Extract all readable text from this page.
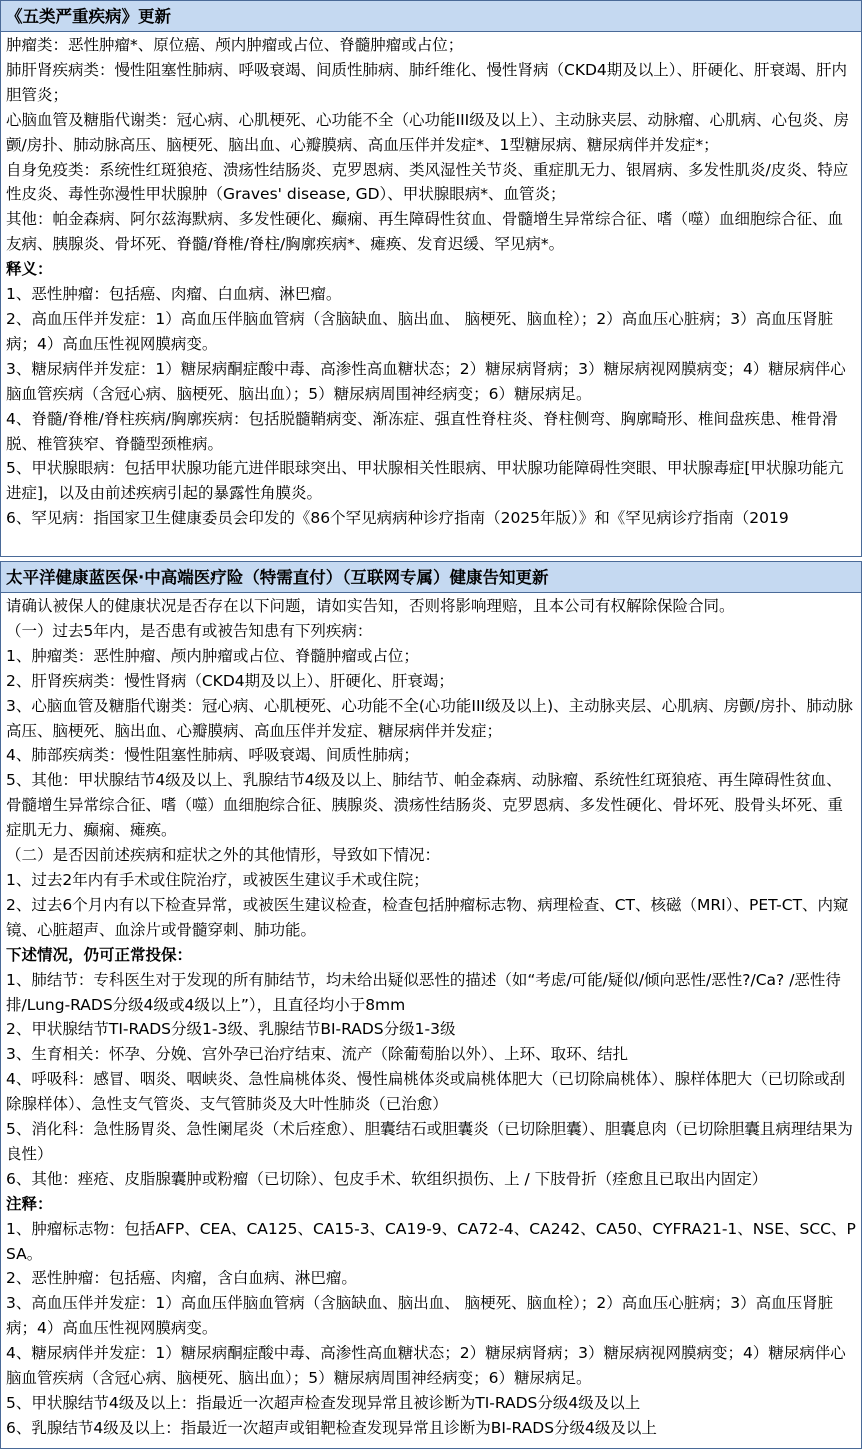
《五类严重疾病》更新

肿瘤类：恶性肿瘤*、原位癌、颅内肿瘤或占位、脊髓肿瘤或占位；

肺肝肾疾病类：慢性阻塞性肺病、呼吸衰竭、间质性肺病、肺纤维化、慢性肾病（CKD4期及以上）、肝硬化、肝衰竭、肝内胆管炎；

心脑血管及糖脂代谢类：冠心病、心肌梗死、心功能不全（心功能III级及以上）、主动脉夹层、动脉瘤、心肌病、心包炎、房颤/房扑、肺动脉高压、脑梗死、脑出血、心瓣膜病、高血压伴并发症*、1型糖尿病、糖尿病伴并发症*；

自身免疫类：系统性红斑狼疮、溃疡性结肠炎、克罗恩病、类风湿性关节炎、重症肌无力、银屑病、多发性肌炎/皮炎、特应性皮炎、毒性弥漫性甲状腺肿（Graves' disease, GD）、甲状腺眼病*、血管炎；

其他：帕金森病、阿尔兹海默病、多发性硬化、癫痫、再生障碍性贫血、骨髓增生异常综合征、嗜（噬）血细胞综合征、血友病、胰腺炎、骨坏死、脊髓/脊椎/脊柱/胸廓疾病*、瘫痪、发育迟缓、罕见病*。

释义：

1、恶性肿瘤：包括癌、肉瘤、白血病、淋巴瘤。

2、高血压伴并发症：1）高血压伴脑血管病（含脑缺血、脑出血、 脑梗死、脑血栓）；2）高血压心脏病；3）高血压肾脏病；4）高血压性视网膜病变。

3、糖尿病伴并发症：1）糖尿病酮症酸中毒、高渗性高血糖状态；2）糖尿病肾病；3）糖尿病视网膜病变；4）糖尿病伴心脑血管疾病（含冠心病、脑梗死、脑出血）；5）糖尿病周围神经病变；6）糖尿病足。

4、脊髓/脊椎/脊柱疾病/胸廓疾病：包括脱髓鞘病变、渐冻症、强直性脊柱炎、脊柱侧弯、胸廓畸形、椎间盘疾患、椎骨滑脱、椎管狭窄、脊髓型颈椎病。

5、甲状腺眼病：包括甲状腺功能亢进伴眼球突出、甲状腺相关性眼病、甲状腺功能障碍性突眼、甲状腺毒症[甲状腺功能亢进症]，以及由前述疾病引起的暴露性角膜炎。

6、罕见病：指国家卫生健康委员会印发的《86个罕见病病种诊疗指南（2025年版）》和《罕见病诊疗指南（2019

太平洋健康蓝医保·中高端医疗险（特需直付）（互联网专属）健康告知更新

请确认被保人的健康状况是否存在以下问题，请如实告知，否则将影响理赔，且本公司有权解除保险合同。

（一）过去5年内，是否患有或被告知患有下列疾病：

1、肿瘤类：恶性肿瘤、颅内肿瘤或占位、脊髓肿瘤或占位；

2、肝肾疾病类：慢性肾病（CKD4期及以上）、肝硬化、肝衰竭；

3、心脑血管及糖脂代谢类：冠心病、心肌梗死、心功能不全(心功能III级及以上)、主动脉夹层、心肌病、房颤/房扑、肺动脉高压、脑梗死、脑出血、心瓣膜病、高血压伴并发症、糖尿病伴并发症；

4、肺部疾病类：慢性阻塞性肺病、呼吸衰竭、间质性肺病；

5、其他：甲状腺结节4级及以上、乳腺结节4级及以上、肺结节、帕金森病、动脉瘤、系统性红斑狼疮、再生障碍性贫血、骨髓增生异常综合征、嗜（噬）血细胞综合征、胰腺炎、溃疡性结肠炎、克罗恩病、多发性硬化、骨坏死、股骨头坏死、重症肌无力、癫痫、瘫痪。

（二）是否因前述疾病和症状之外的其他情形，导致如下情况：

1、过去2年内有手术或住院治疗，或被医生建议手术或住院；

2、过去6个月内有以下检查异常，或被医生建议检查，检查包括肿瘤标志物、病理检查、CT、核磁（MRI）、PET-CT、内窥镜、心脏超声、血涂片或骨髓穿刺、肺功能。

下述情况，仍可正常投保：

1、肺结节：专科医生对于发现的所有肺结节，均未给出疑似恶性的描述（如“考虑/可能/疑似/倾向恶性/恶性?/Ca? /恶性待排/Lung-RADS分级4级或4级以上”），且直径均小于8mm

2、甲状腺结节TI-RADS分级1-3级、乳腺结节BI-RADS分级1-3级

3、生育相关：怀孕、分娩、宫外孕已治疗结束、流产（除葡萄胎以外）、上环、取环、结扎

4、呼吸科：感冒、咽炎、咽峡炎、急性扁桃体炎、慢性扁桃体炎或扁桃体肥大（已切除扁桃体）、腺样体肥大（已切除或刮除腺样体）、急性支气管炎、支气管肺炎及大叶性肺炎（已治愈）

5、消化科：急性肠胃炎、急性阑尾炎（术后痊愈）、胆囊结石或胆囊炎（已切除胆囊）、胆囊息肉（已切除胆囊且病理结果为良性）

6、其他：痤疮、皮脂腺囊肿或粉瘤（已切除）、包皮手术、软组织损伤、上 / 下肢骨折（痊愈且已取出内固定）

注释：

1、肿瘤标志物：包括AFP、CEA、CA125、CA15-3、CA19-9、CA72-4、CA242、CA50、CYFRA21-1、NSE、SCC、PSA。

2、恶性肿瘤：包括癌、肉瘤，含白血病、淋巴瘤。

3、高血压伴并发症：1）高血压伴脑血管病（含脑缺血、脑出血、 脑梗死、脑血栓）；2）高血压心脏病；3）高血压肾脏病；4）高血压性视网膜病变。

4、糖尿病伴并发症：1）糖尿病酮症酸中毒、高渗性高血糖状态；2）糖尿病肾病；3）糖尿病视网膜病变；4）糖尿病伴心脑血管疾病（含冠心病、脑梗死、脑出血）；5）糖尿病周围神经病变；6）糖尿病足。

5、甲状腺结节4级及以上：指最近一次超声检查发现异常且被诊断为TI-RADS分级4级及以上

6、乳腺结节4级及以上：指最近一次超声或钼靶检查发现异常且诊断为BI-RADS分级4级及以上
